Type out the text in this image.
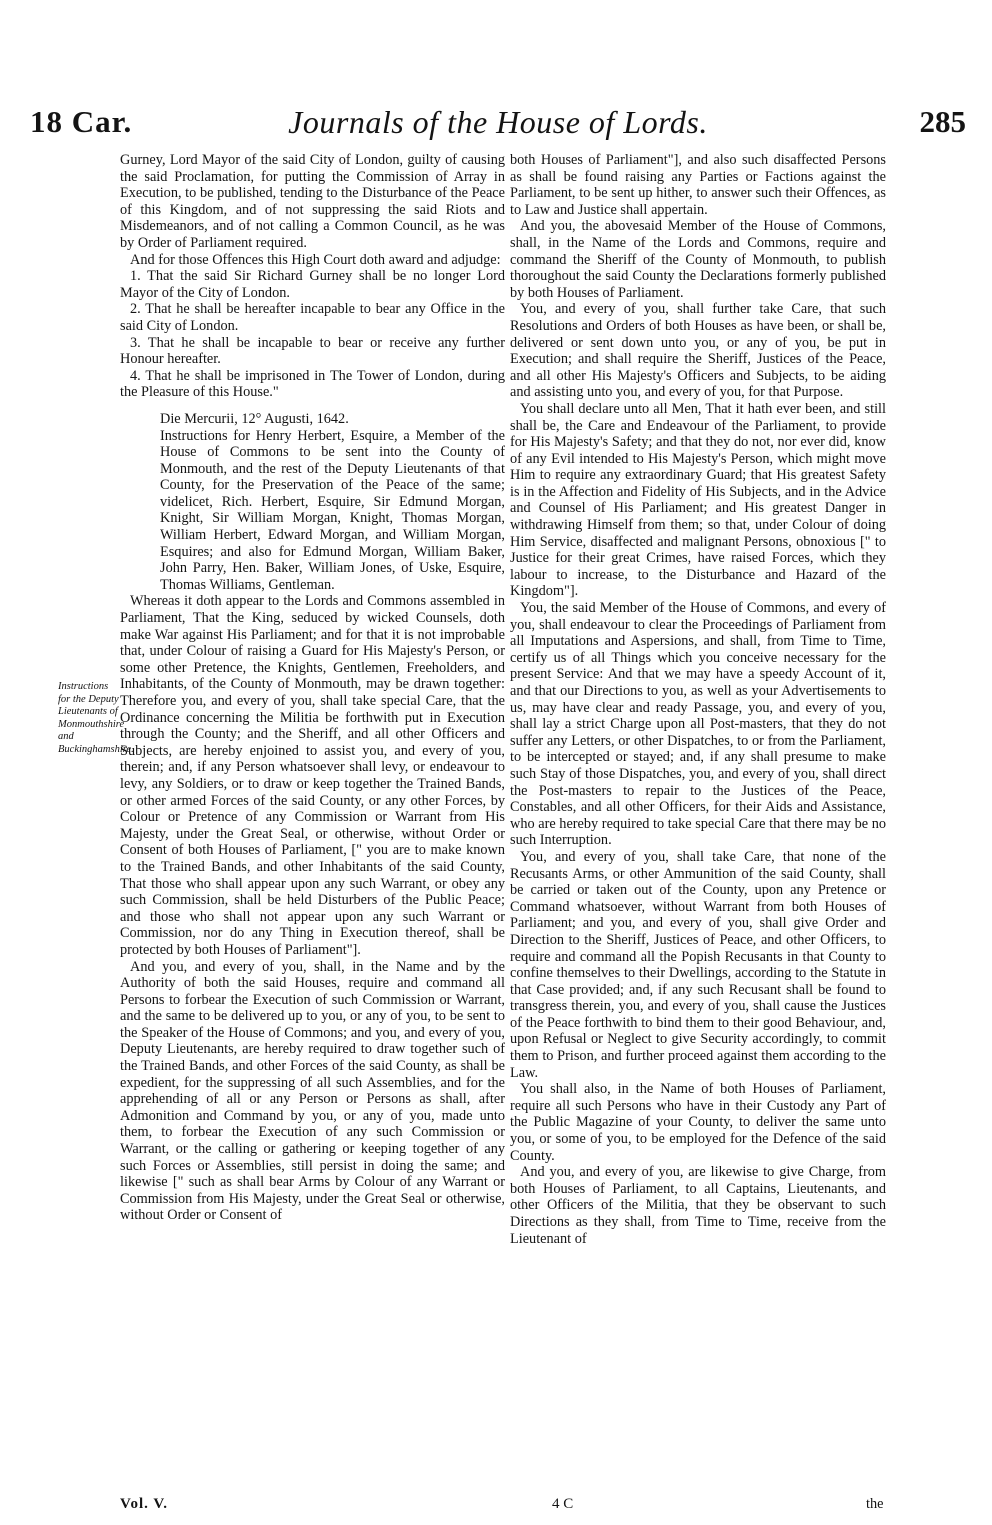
18 Car.	Journals of the House of Lords.	285
Instructions for the Deputy Lieutenants of Monmouthshire and Buckinghamshire.

Gurney, Lord Mayor of the said City of London, guilty of causing the said Proclamation, for putting the Commission of Array in Execution, to be published, tending to the Disturbance of the Peace of this Kingdom, and of not suppressing the said Riots and Misdemeanors, and of not calling a Common Council, as he was by Order of Parliament required.

And for those Offences this High Court doth award and adjudge:

1. That the said Sir Richard Gurney shall be no longer Lord Mayor of the City of London.

2. That he shall be hereafter incapable to bear any Office in the said City of London.

3. That he shall be incapable to bear or receive any further Honour hereafter.

4. That he shall be imprisoned in The Tower of London, during the Pleasure of this House."

Die Mercurii, 12° Augusti, 1642.

Instructions for Henry Herbert, Esquire, a Member of the House of Commons to be sent into the County of Monmouth, and the rest of the Deputy Lieutenants of that County, for the Preservation of the Peace of the same; videlicet, Rich. Herbert, Esquire, Sir Edmund Morgan, Knight, Sir William Morgan, Knight, Thomas Morgan, William Herbert, Edward Morgan, and William Morgan, Esquires; and also for Edmund Morgan, William Baker, John Parry, Hen. Baker, William Jones, of Uske, Esquire, Thomas Williams, Gentleman.

Whereas it doth appear to the Lords and Commons assembled in Parliament, That the King, seduced by wicked Counsels, doth make War against His Parliament; and for that it is not improbable that, under Colour of raising a Guard for His Majesty's Person, or some other Pretence, the Knights, Gentlemen, Freeholders, and Inhabitants, of the County of Monmouth, may be drawn together: Therefore you, and every of you, shall take special Care, that the Ordinance concerning the Militia be forthwith put in Execution through the County; and the Sheriff, and all other Officers and Subjects, are hereby enjoined to assist you, and every of you, therein; and, if any Person whatsoever shall levy, or endeavour to levy, any Soldiers, or to draw or keep together the Trained Bands, or other armed Forces of the said County, or any other Forces, by Colour or Pretence of any Commission or Warrant from His Majesty, under the Great Seal, or otherwise, without Order or Consent of both Houses of Parliament, [" you are to make known to the Trained Bands, and other Inhabitants of the said County, That those who shall appear upon any such Warrant, or obey any such Commission, shall be held Disturbers of the Public Peace; and those who shall not appear upon any such Warrant or Commission, nor do any Thing in Execution thereof, shall be protected by both Houses of Parliament"].

And you, and every of you, shall, in the Name and by the Authority of both the said Houses, require and command all Persons to forbear the Execution of such Commission or Warrant, and the same to be delivered up to you, or any of you, to be sent to the Speaker of the House of Commons; and you, and every of you, Deputy Lieutenants, are hereby required to draw together such of the Trained Bands, and other Forces of the said County, as shall be expedient, for the suppressing of all such Assemblies, and for the apprehending of all or any Person or Persons as shall, after Admonition and Command by you, or any of you, made unto them, to forbear the Execution of any such Commission or Warrant, or the calling or gathering or keeping together of any such Forces or Assemblies, still persist in doing the same; and likewise [" such as shall bear Arms by Colour of any Warrant or Commission from His Majesty, under the Great Seal or otherwise, without Order or Consent of

both Houses of Parliament"], and also such disaffected Persons as shall be found raising any Parties or Factions against the Parliament, to be sent up hither, to answer such their Offences, as to Law and Justice shall appertain.

And you, the abovesaid Member of the House of Commons, shall, in the Name of the Lords and Commons, require and command the Sheriff of the County of Monmouth, to publish thoroughout the said County the Declarations formerly published by both Houses of Parliament.

You, and every of you, shall further take Care, that such Resolutions and Orders of both Houses as have been, or shall be, delivered or sent down unto you, or any of you, be put in Execution; and shall require the Sheriff, Justices of the Peace, and all other His Majesty's Officers and Subjects, to be aiding and assisting unto you, and every of you, for that Purpose.

You shall declare unto all Men, That it hath ever been, and still shall be, the Care and Endeavour of the Parliament, to provide for His Majesty's Safety; and that they do not, nor ever did, know of any Evil intended to His Majesty's Person, which might move Him to require any extraordinary Guard; that His greatest Safety is in the Affection and Fidelity of His Subjects, and in the Advice and Counsel of His Parliament; and His greatest Danger in withdrawing Himself from them; so that, under Colour of doing Him Service, disaffected and malignant Persons, obnoxious [" to Justice for their great Crimes, have raised Forces, which they labour to increase, to the Disturbance and Hazard of the Kingdom"].

You, the said Member of the House of Commons, and every of you, shall endeavour to clear the Proceedings of Parliament from all Imputations and Aspersions, and shall, from Time to Time, certify us of all Things which you conceive necessary for the present Service: And that we may have a speedy Account of it, and that our Directions to you, as well as your Advertisements to us, may have clear and ready Passage, you, and every of you, shall lay a strict Charge upon all Post-masters, that they do not suffer any Letters, or other Dispatches, to or from the Parliament, to be intercepted or stayed; and, if any shall presume to make such Stay of those Dispatches, you, and every of you, shall direct the Post-masters to repair to the Justices of the Peace, Constables, and all other Officers, for their Aids and Assistance, who are hereby required to take special Care that there may be no such Interruption.

You, and every of you, shall take Care, that none of the Recusants Arms, or other Ammunition of the said County, shall be carried or taken out of the County, upon any Pretence or Command whatsoever, without Warrant from both Houses of Parliament; and you, and every of you, shall give Order and Direction to the Sheriff, Justices of Peace, and other Officers, to require and command all the Popish Recusants in that County to confine themselves to their Dwellings, according to the Statute in that Case provided; and, if any such Recusant shall be found to transgress therein, you, and every of you, shall cause the Justices of the Peace forthwith to bind them to their good Behaviour, and, upon Refusal or Neglect to give Security accordingly, to commit them to Prison, and further proceed against them according to the Law.

You shall also, in the Name of both Houses of Parliament, require all such Persons who have in their Custody any Part of the Public Magazine of your County, to deliver the same unto you, or some of you, to be employed for the Defence of the said County.

And you, and every of you, are likewise to give Charge, from both Houses of Parliament, to all Captains, Lieutenants, and other Officers of the Militia, that they be observant to such Directions as they shall, from Time to Time, receive from the Lieutenant of

Vol. V.	4 C	the
